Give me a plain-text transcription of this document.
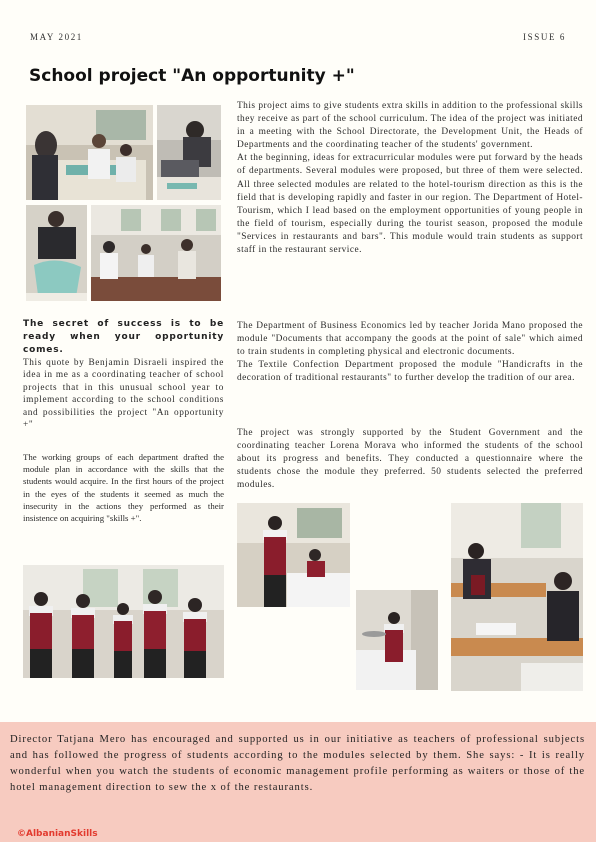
MAY 2021	ISSUE 6
School project "An opportunity +"

This project aims to give students extra skills in addition to the professional skills they receive as part of the school curriculum. The idea of the project was initiated in a meeting with the School Directorate, the Development Unit, the Heads of Departments and the coordinating teacher of the students' government.

At the beginning, ideas for extracurricular modules were put forward by the heads of departments. Several modules were proposed, but three of them were selected. All three selected modules are related to the hotel-tourism direction as this is the field that is developing rapidly and faster in our region. The Department of Hotel-Tourism, which I lead based on the employment opportunities of young people in the field of tourism, especially during the tourist season, proposed the module "Services in restaurants and bars". This module would train students as support staff in the restaurant service.

The Department of Business Economics led by teacher Jorida Mano proposed the module "Documents that accompany the goods at the point of sale" which aimed to train students in completing physical and electronic documents.

The Textile Confection Department proposed the module "Handicrafts in the decoration of traditional restaurants" to further develop the tradition of our area.

The project was strongly supported by the Student Government and the coordinating teacher Lorena Morava who informed the students of the school about its progress and benefits. They conducted a questionnaire where the students chose the module they preferred. 50 students selected the preferred modules.

The secret of success is to be ready when your opportunity comes.
This quote by Benjamin Disraeli inspired the idea in me as a coordinating teacher of school projects that in this unusual school year to implement according to the school conditions and possibilities the project "An opportunity +"
The working groups of each department drafted the module plan in accordance with the skills that the students would acquire. In the first hours of the project in the eyes of the students it seemed as much the insecurity in the actions they performed as their insistence on acquiring "skills +".

Director Tatjana Mero has encouraged and supported us in our initiative as teachers of professional subjects and has followed the progress of students according to the modules selected by them. She says: - It is really wonderful when you watch the students of economic management profile performing as waiters or those of the hotel management direction to sew the x of the restaurants.

©AlbanianSkills
